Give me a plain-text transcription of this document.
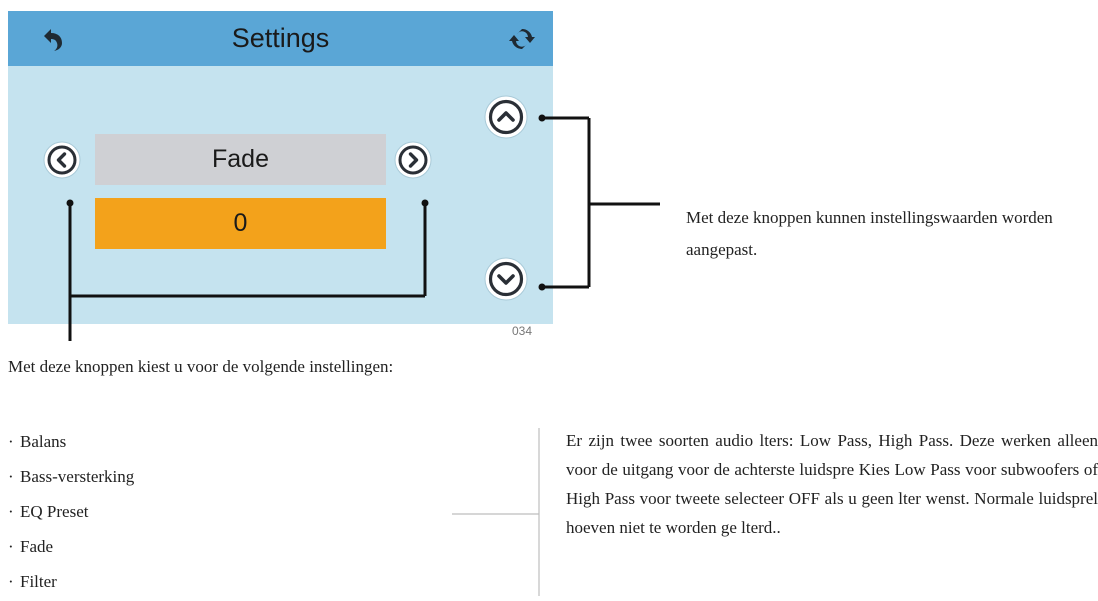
Settings
Fade
0
034
Met deze knoppen kunnen instellingswaarden worden aangepast.
Met deze knoppen kiest u voor de volgende instellingen:
· Balans
· Bass-versterking
· EQ Preset
· Fade
· Filter
Er zijn twee soorten audio lters: Low Pass, High Pass. Deze werken alleen voor de uitgang voor de achterste luidspre Kies Low Pass voor subwoofers of High Pass voor tweete selecteer OFF als u geen lter wenst. Normale luidsprel hoeven niet te worden ge lterd..
